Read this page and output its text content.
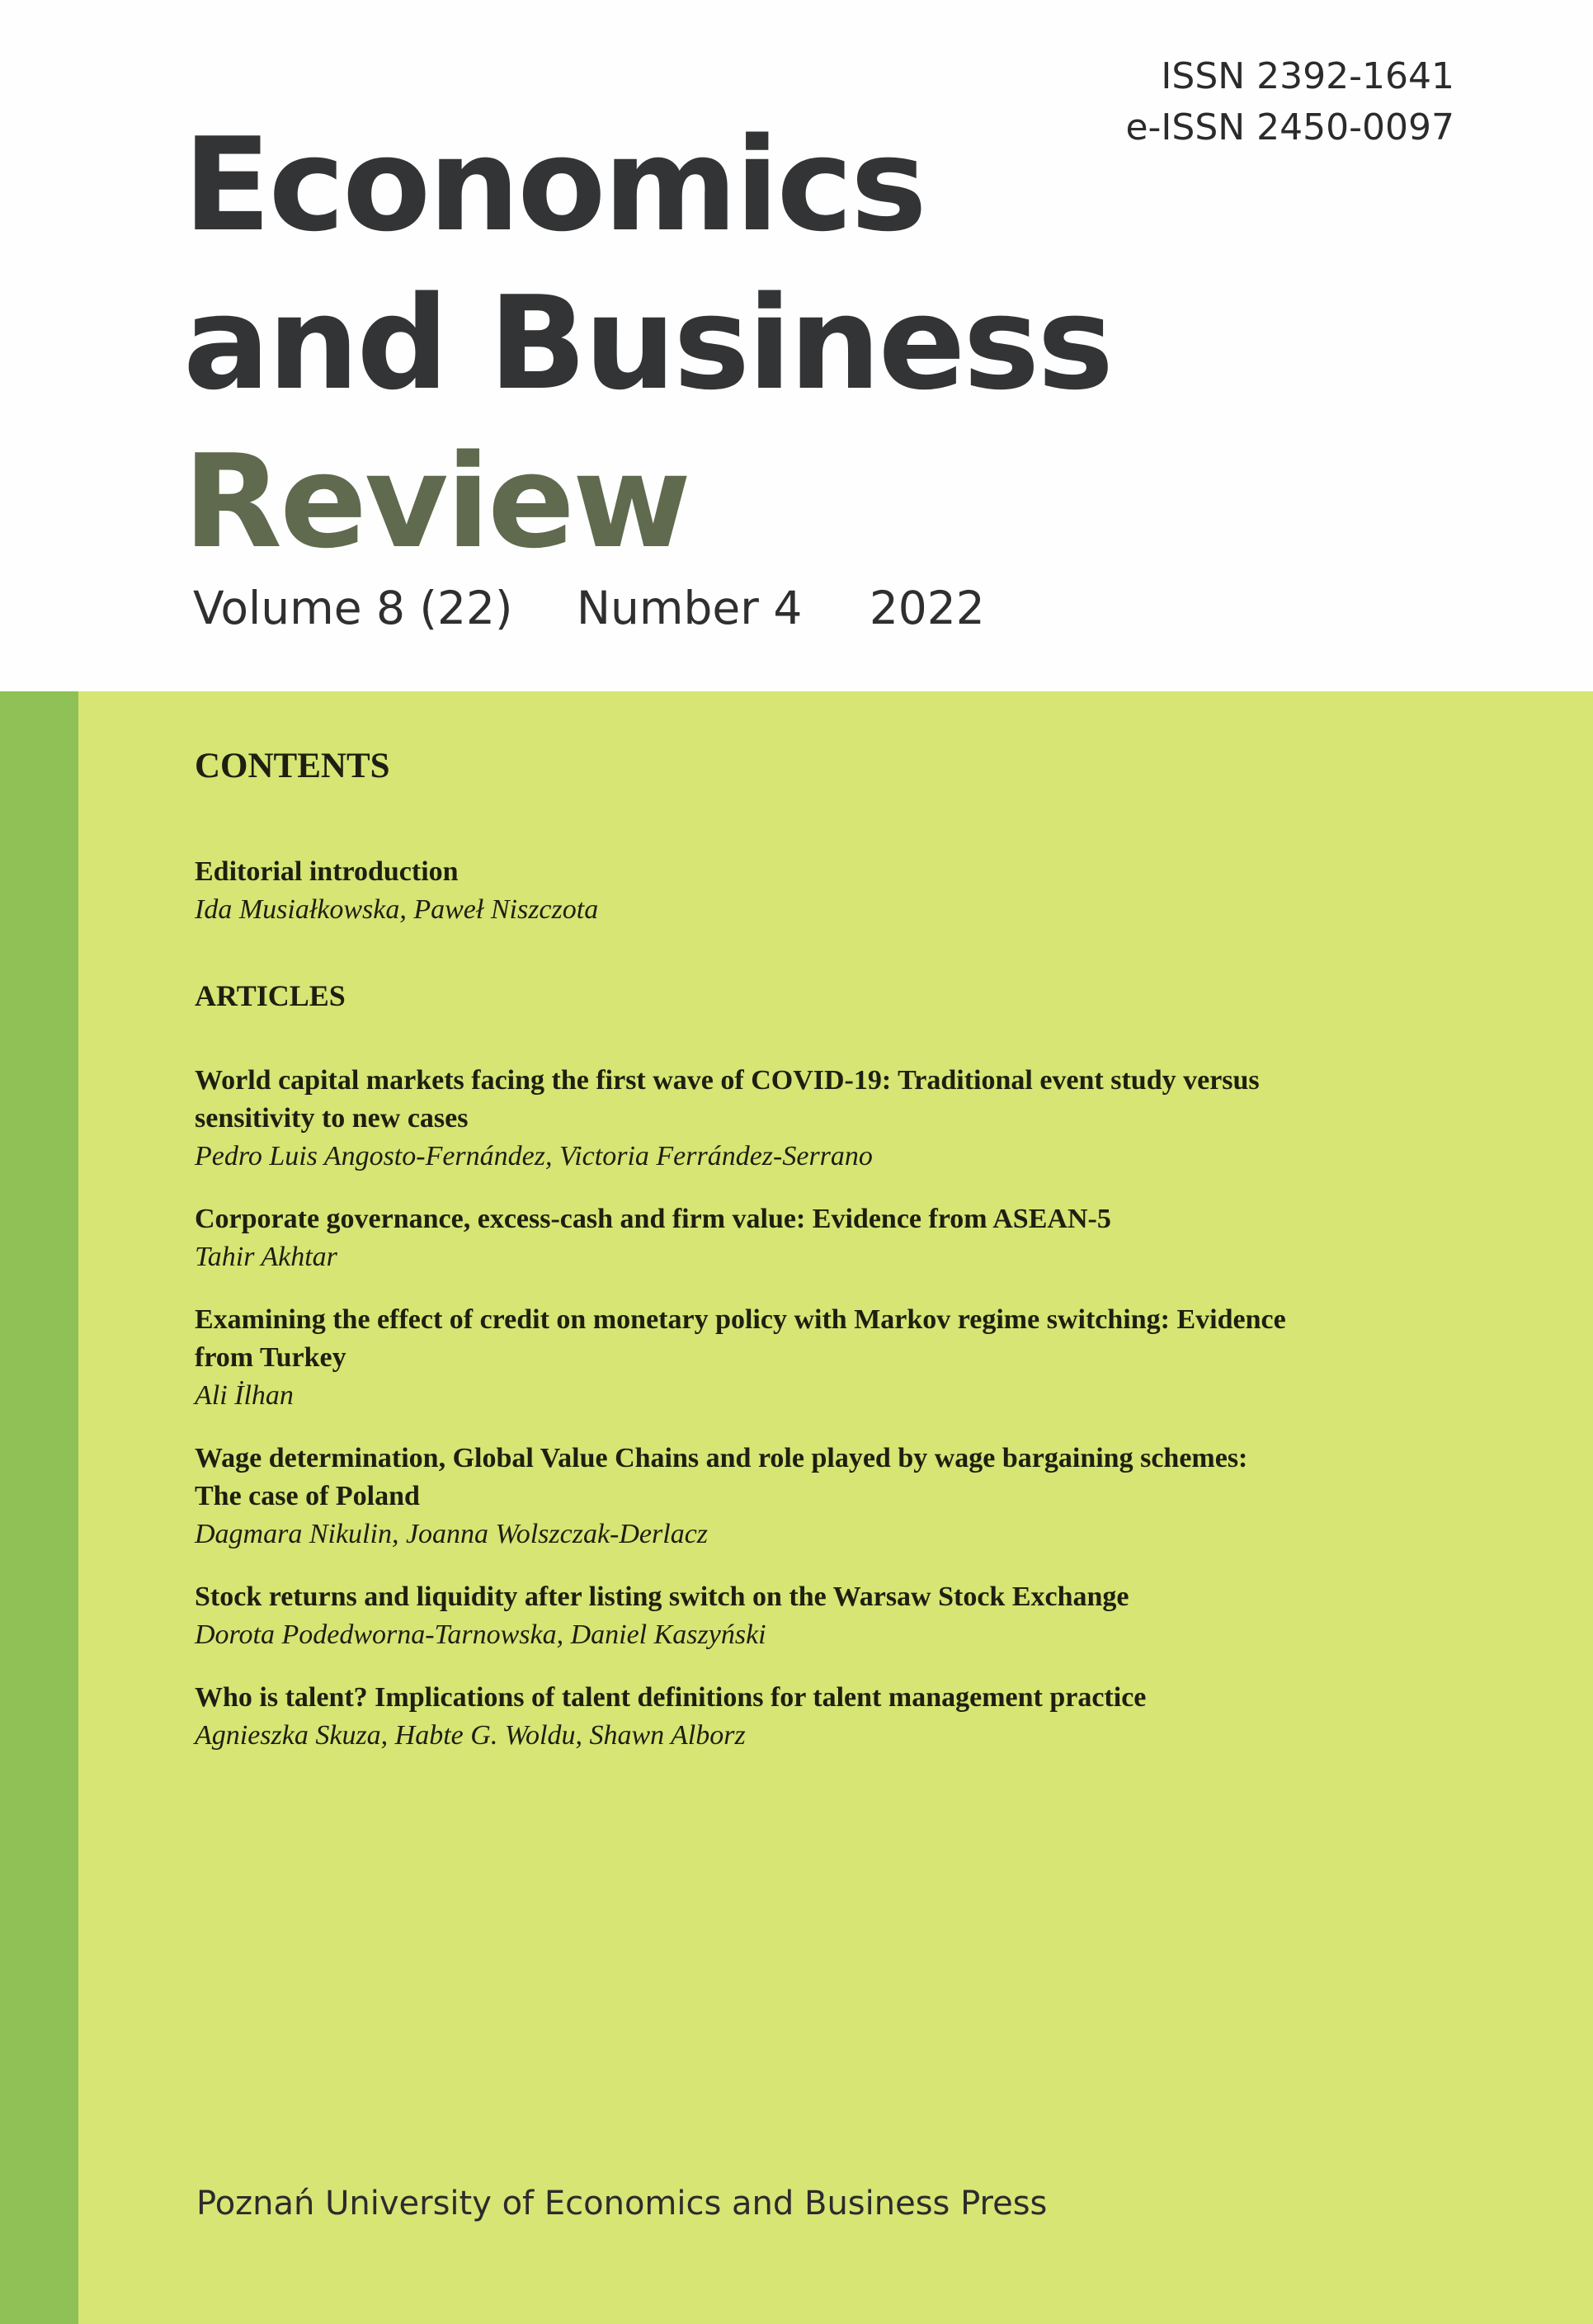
ISSN 2392-1641
e-ISSN 2450-0097
Economics
and Business
Review
Volume 8 (22) Number 4 2022
CONTENTS
Editorial introduction
Ida Musiałkowska, Paweł Niszczota
ARTICLES
World capital markets facing the first wave of COVID-19: Traditional event study versus sensitivity to new cases
Pedro Luis Angosto-Fernández, Victoria Ferrández-Serrano
Corporate governance, excess-cash and firm value: Evidence from ASEAN-5
Tahir Akhtar
Examining the effect of credit on monetary policy with Markov regime switching: Evidence from Turkey
Ali İlhan
Wage determination, Global Value Chains and role played by wage bargaining schemes: The case of Poland
Dagmara Nikulin, Joanna Wolszczak-Derlacz
Stock returns and liquidity after listing switch on the Warsaw Stock Exchange
Dorota Podedworna-Tarnowska, Daniel Kaszyński
Who is talent? Implications of talent definitions for talent management practice
Agnieszka Skuza, Habte G. Woldu, Shawn Alborz
Poznań University of Economics and Business Press
